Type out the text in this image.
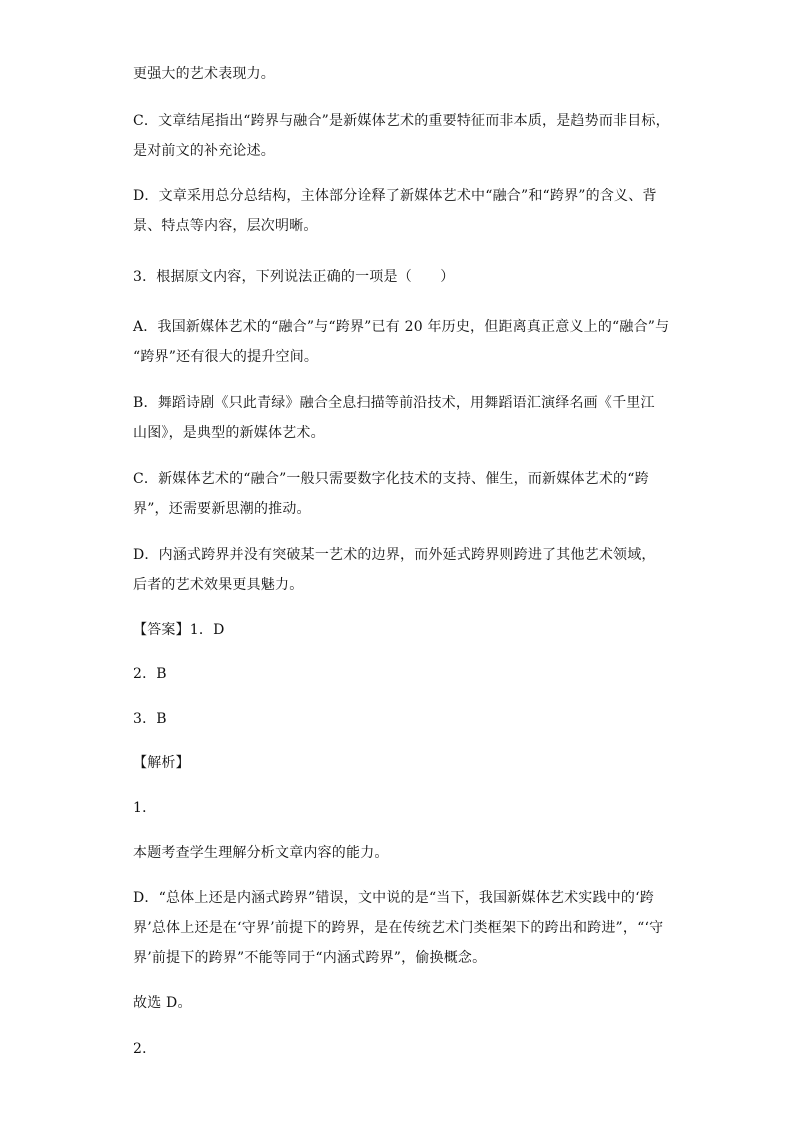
更强大的艺术表现力。
C．文章结尾指出“跨界与融合”是新媒体艺术的重要特征而非本质，是趋势而非目标，
是对前文的补充论述。
D．文章采用总分总结构，主体部分诠释了新媒体艺术中“融合”和“跨界”的含义、背
景、特点等内容，层次明晰。
3．根据原文内容，下列说法正确的一项是（　　）
A．我国新媒体艺术的“融合”与“跨界”已有 20 年历史，但距离真正意义上的“融合”与
“跨界”还有很大的提升空间。
B．舞蹈诗剧《只此青绿》融合全息扫描等前沿技术，用舞蹈语汇演绎名画《千里江
山图》，是典型的新媒体艺术。
C．新媒体艺术的“融合”一般只需要数字化技术的支持、催生，而新媒体艺术的“跨
界”，还需要新思潮的推动。
D．内涵式跨界并没有突破某一艺术的边界，而外延式跨界则跨进了其他艺术领域，
后者的艺术效果更具魅力。
【答案】1．D
2．B
3．B
【解析】
1．
本题考查学生理解分析文章内容的能力。
D．“总体上还是内涵式跨界”错误，文中说的是“当下，我国新媒体艺术实践中的‘跨
界’总体上还是在‘守界’前提下的跨界，是在传统艺术门类框架下的跨出和跨进”，“‘守
界’前提下的跨界”不能等同于“内涵式跨界”，偷换概念。
故选 D。
2．
